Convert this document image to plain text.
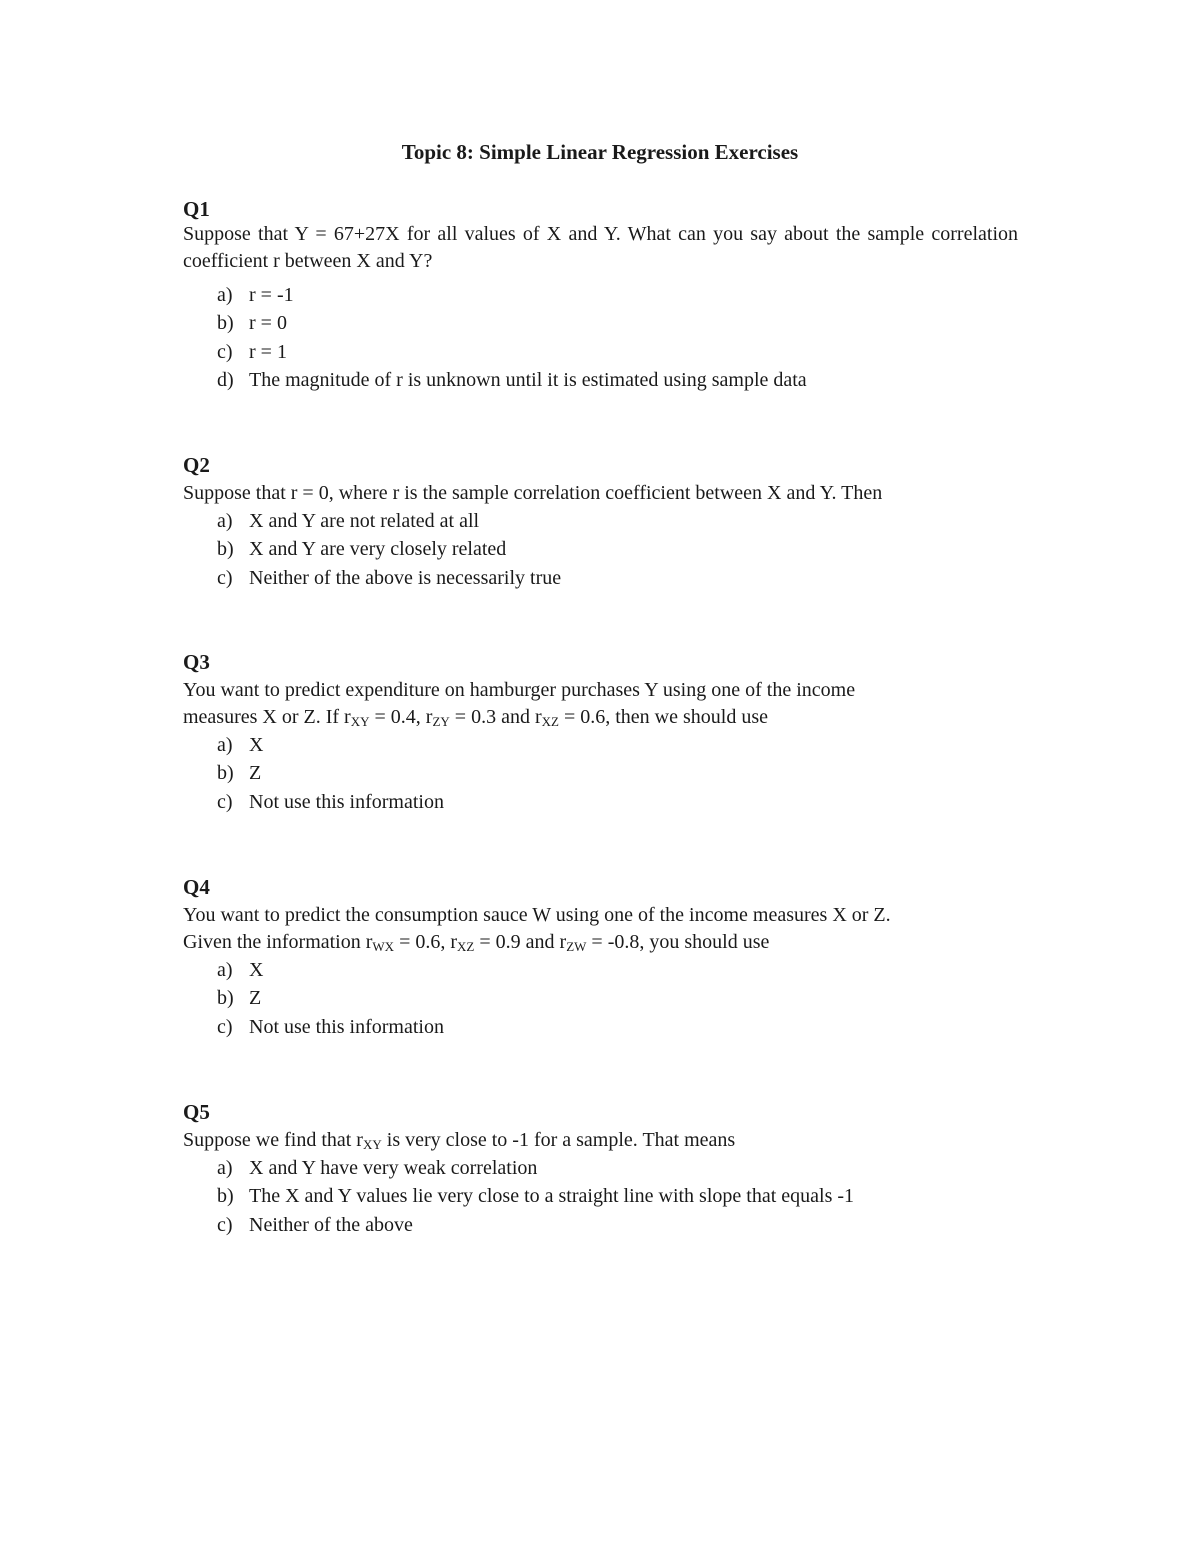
Topic 8: Simple Linear Regression Exercises
Q1
Suppose that Y = 67+27X for all values of X and Y. What can you say about the sample correlation coefficient r between X and Y?
a) r = -1
b) r = 0
c) r = 1
d) The magnitude of r is unknown until it is estimated using sample data
Q2
Suppose that r = 0, where r is the sample correlation coefficient between X and Y. Then
a) X and Y are not related at all
b) X and Y are very closely related
c) Neither of the above is necessarily true
Q3
You want to predict expenditure on hamburger purchases Y using one of the income
measures X or Z. If $r_{XY} = 0.4$, $r_{ZY} = 0.3$ and $r_{XZ} = 0.6$, then we should use
a) X
b) Z
c) Not use this information
Q4
You want to predict the consumption sauce W using one of the income measures X or Z.
Given the information $r_{WX} = 0.6$, $r_{XZ} = 0.9$ and $r_{ZW} = -0.8$, you should use
a) X
b) Z
c) Not use this information
Q5
Suppose we find that $r_{XY}$ is very close to -1 for a sample. That means
a) X and Y have very weak correlation
b) The X and Y values lie very close to a straight line with slope that equals -1
c) Neither of the above
